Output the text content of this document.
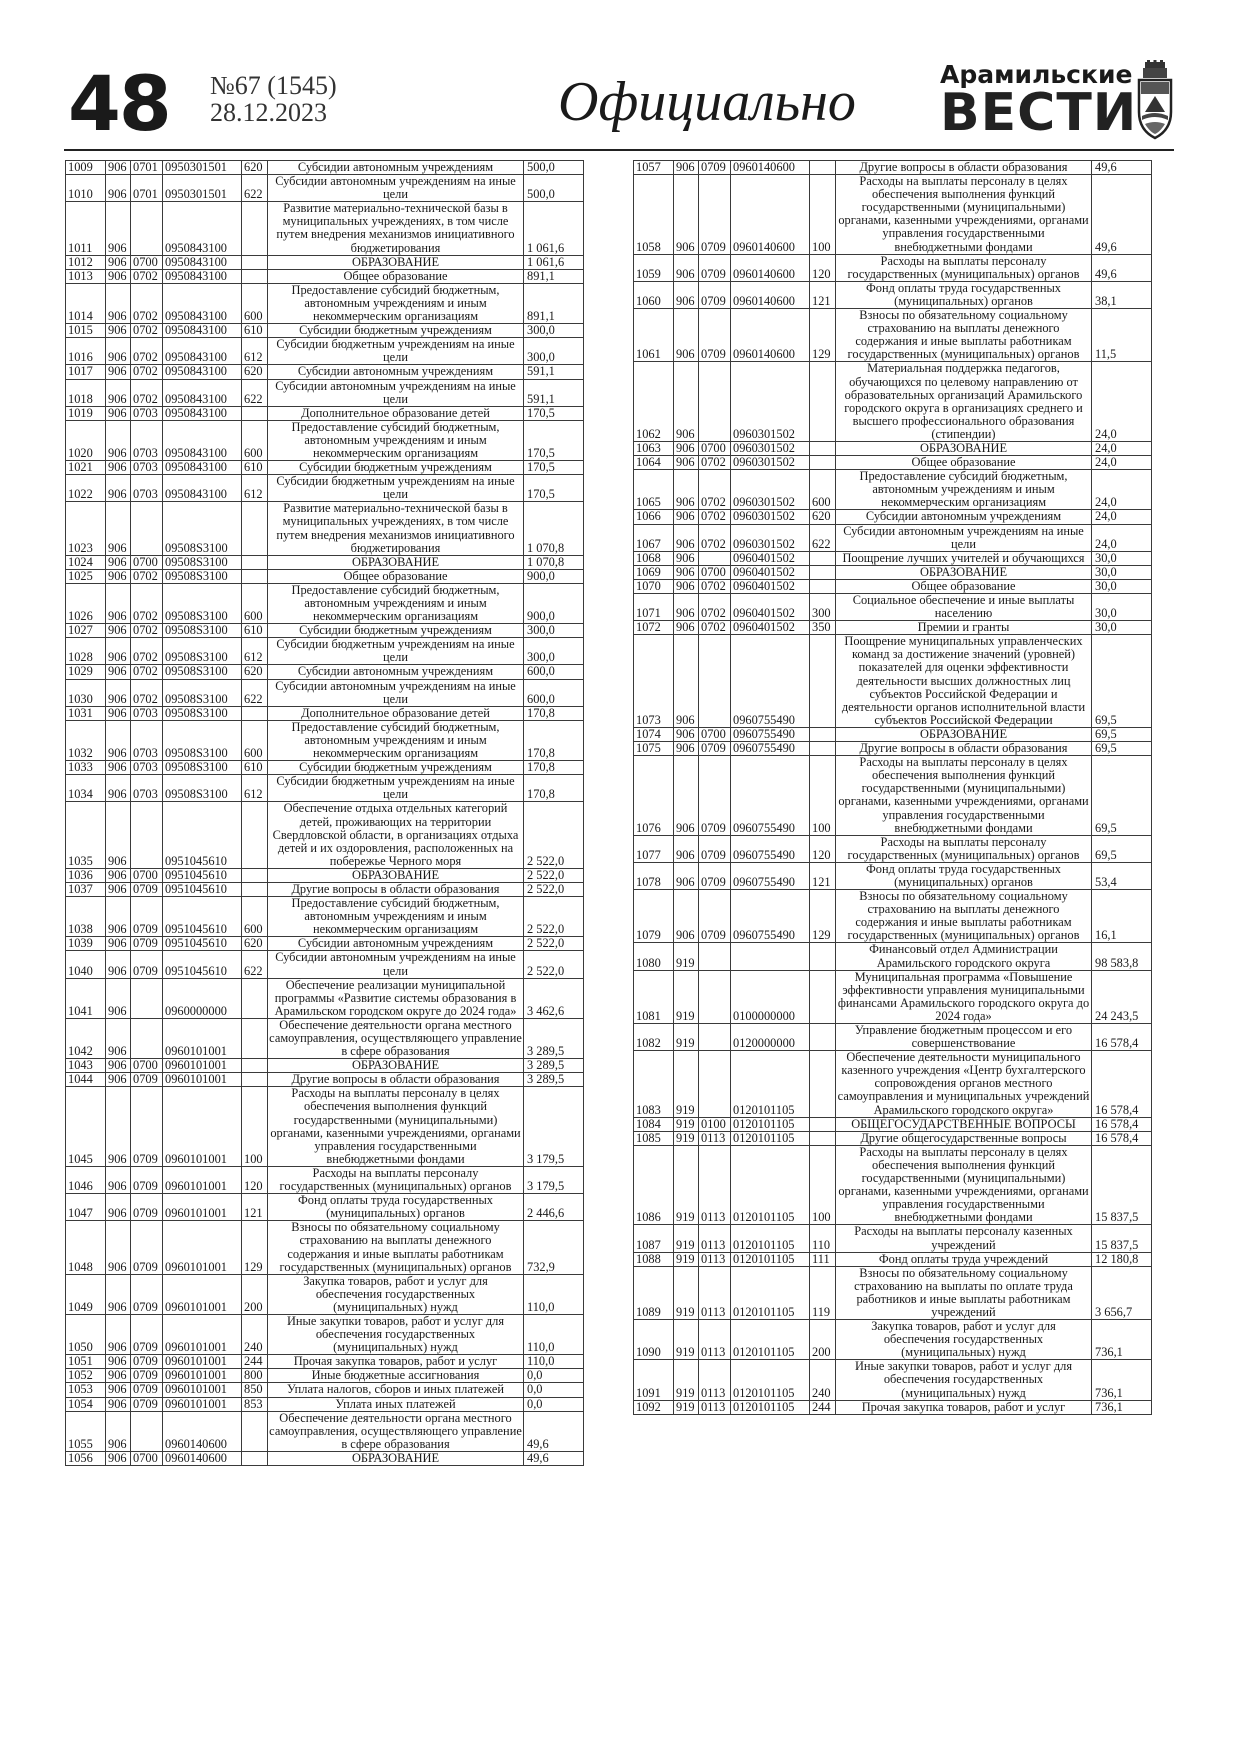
48 №67 (1545)
28.12.2023	Официально	Арамильские
ВЕСТИ
1009	906	0701	0950301501	620	Субсидии автономным учреждениям	500,0
1010	906	0701	0950301501	622	Субсидии автономным учреждениям на иные цели	500,0
1011	906		0950843100		Развитие материально-технической базы в муниципальных учреждениях, в том числе путем внедрения механизмов инициативного бюджетирования	1 061,6
1012	906	0700	0950843100		ОБРАЗОВАНИЕ	1 061,6
1013	906	0702	0950843100		Общее образование	891,1
1014	906	0702	0950843100	600	Предоставление субсидий бюджетным, автономным учреждениям и иным некоммерческим организациям	891,1
1015	906	0702	0950843100	610	Субсидии бюджетным учреждениям	300,0
1016	906	0702	0950843100	612	Субсидии бюджетным учреждениям на иные цели	300,0
1017	906	0702	0950843100	620	Субсидии автономным учреждениям	591,1
1018	906	0702	0950843100	622	Субсидии автономным учреждениям на иные цели	591,1
1019	906	0703	0950843100		Дополнительное образование детей	170,5
1020	906	0703	0950843100	600	Предоставление субсидий бюджетным, автономным учреждениям и иным некоммерческим организациям	170,5
1021	906	0703	0950843100	610	Субсидии бюджетным учреждениям	170,5
1022	906	0703	0950843100	612	Субсидии бюджетным учреждениям на иные цели	170,5
1023	906		09508S3100		Развитие материально-технической базы в муниципальных учреждениях, в том числе путем внедрения механизмов инициативного бюджетирования	1 070,8
1024	906	0700	09508S3100		ОБРАЗОВАНИЕ	1 070,8
1025	906	0702	09508S3100		Общее образование	900,0
1026	906	0702	09508S3100	600	Предоставление субсидий бюджетным, автономным учреждениям и иным некоммерческим организациям	900,0
1027	906	0702	09508S3100	610	Субсидии бюджетным учреждениям	300,0
1028	906	0702	09508S3100	612	Субсидии бюджетным учреждениям на иные цели	300,0
1029	906	0702	09508S3100	620	Субсидии автономным учреждениям	600,0
1030	906	0702	09508S3100	622	Субсидии автономным учреждениям на иные цели	600,0
1031	906	0703	09508S3100		Дополнительное образование детей	170,8
1032	906	0703	09508S3100	600	Предоставление субсидий бюджетным, автономным учреждениям и иным некоммерческим организациям	170,8
1033	906	0703	09508S3100	610	Субсидии бюджетным учреждениям	170,8
1034	906	0703	09508S3100	612	Субсидии бюджетным учреждениям на иные цели	170,8
1035	906		0951045610		Обеспечение отдыха отдельных категорий детей, проживающих на территории Свердловской области, в организациях отдыха детей и их оздоровления, расположенных на побережье Черного моря	2 522,0
1036	906	0700	0951045610		ОБРАЗОВАНИЕ	2 522,0
1037	906	0709	0951045610		Другие вопросы в области образования	2 522,0
1038	906	0709	0951045610	600	Предоставление субсидий бюджетным, автономным учреждениям и иным некоммерческим организациям	2 522,0
1039	906	0709	0951045610	620	Субсидии автономным учреждениям	2 522,0
1040	906	0709	0951045610	622	Субсидии автономным учреждениям на иные цели	2 522,0
1041	906		0960000000		Обеспечение реализации муниципальной программы «Развитие системы образования в Арамильском городском округе до 2024 года»	3 462,6
1042	906		0960101001		Обеспечение деятельности органа местного самоуправления, осуществляющего управление в сфере образования	3 289,5
1043	906	0700	0960101001		ОБРАЗОВАНИЕ	3 289,5
1044	906	0709	0960101001		Другие вопросы в области образования	3 289,5
1045	906	0709	0960101001	100	Расходы на выплаты персоналу в целях обеспечения выполнения функций государственными (муниципальными) органами, казенными учреждениями, органами управления государственными внебюджетными фондами	3 179,5
1046	906	0709	0960101001	120	Расходы на выплаты персоналу государственных (муниципальных) органов	3 179,5
1047	906	0709	0960101001	121	Фонд оплаты труда государственных (муниципальных) органов	2 446,6
1048	906	0709	0960101001	129	Взносы по обязательному социальному страхованию на выплаты денежного содержания и иные выплаты работникам государственных (муниципальных) органов	732,9
1049	906	0709	0960101001	200	Закупка товаров, работ и услуг для обеспечения государственных (муниципальных) нужд	110,0
1050	906	0709	0960101001	240	Иные закупки товаров, работ и услуг для обеспечения государственных (муниципальных) нужд	110,0
1051	906	0709	0960101001	244	Прочая закупка товаров, работ и услуг	110,0
1052	906	0709	0960101001	800	Иные бюджетные ассигнования	0,0
1053	906	0709	0960101001	850	Уплата налогов, сборов и иных платежей	0,0
1054	906	0709	0960101001	853	Уплата иных платежей	0,0
1055	906		0960140600		Обеспечение деятельности органа местного самоуправления, осуществляющего управление в сфере образования	49,6
1056	906	0700	0960140600		ОБРАЗОВАНИЕ	49,6
1057	906	0709	0960140600		Другие вопросы в области образования	49,6
1058	906	0709	0960140600	100	Расходы на выплаты персоналу в целях обеспечения выполнения функций государственными (муниципальными) органами, казенными учреждениями, органами управления государственными внебюджетными фондами	49,6
1059	906	0709	0960140600	120	Расходы на выплаты персоналу государственных (муниципальных) органов	49,6
1060	906	0709	0960140600	121	Фонд оплаты труда государственных (муниципальных) органов	38,1
1061	906	0709	0960140600	129	Взносы по обязательному социальному страхованию на выплаты денежного содержания и иные выплаты работникам государственных (муниципальных) органов	11,5
1062	906		0960301502		Материальная поддержка педагогов, обучающихся по целевому направлению от образовательных организаций Арамильского городского округа в организациях среднего и высшего профессионального образования (стипендии)	24,0
1063	906	0700	0960301502		ОБРАЗОВАНИЕ	24,0
1064	906	0702	0960301502		Общее образование	24,0
1065	906	0702	0960301502	600	Предоставление субсидий бюджетным, автономным учреждениям и иным некоммерческим организациям	24,0
1066	906	0702	0960301502	620	Субсидии автономным учреждениям	24,0
1067	906	0702	0960301502	622	Субсидии автономным учреждениям на иные цели	24,0
1068	906		0960401502		Поощрение лучших учителей и обучающихся	30,0
1069	906	0700	0960401502		ОБРАЗОВАНИЕ	30,0
1070	906	0702	0960401502		Общее образование	30,0
1071	906	0702	0960401502	300	Социальное обеспечение и иные выплаты населению	30,0
1072	906	0702	0960401502	350	Премии и гранты	30,0
1073	906		0960755490		Поощрение муниципальных управленческих команд за достижение значений (уровней) показателей для оценки эффективности деятельности высших должностных лиц субъектов Российской Федерации и деятельности органов исполнительной власти субъектов Российской Федерации	69,5
1074	906	0700	0960755490		ОБРАЗОВАНИЕ	69,5
1075	906	0709	0960755490		Другие вопросы в области образования	69,5
1076	906	0709	0960755490	100	Расходы на выплаты персоналу в целях обеспечения выполнения функций государственными (муниципальными) органами, казенными учреждениями, органами управления государственными внебюджетными фондами	69,5
1077	906	0709	0960755490	120	Расходы на выплаты персоналу государственных (муниципальных) органов	69,5
1078	906	0709	0960755490	121	Фонд оплаты труда государственных (муниципальных) органов	53,4
1079	906	0709	0960755490	129	Взносы по обязательному социальному страхованию на выплаты денежного содержания и иные выплаты работникам государственных (муниципальных) органов	16,1
1080	919				Финансовый отдел Администрации Арамильского городского округа	98 583,8
1081	919		0100000000		Муниципальная программа «Повышение эффективности управления муниципальными финансами Арамильского городского округа до 2024 года»	24 243,5
1082	919		0120000000		Управление бюджетным процессом и его совершенствование	16 578,4
1083	919		0120101105		Обеспечение деятельности муниципального казенного учреждения «Центр бухгалтерского сопровождения органов местного самоуправления и муниципальных учреждений Арамильского городского округа»	16 578,4
1084	919	0100	0120101105		ОБЩЕГОСУДАРСТВЕННЫЕ ВОПРОСЫ	16 578,4
1085	919	0113	0120101105		Другие общегосударственные вопросы	16 578,4
1086	919	0113	0120101105	100	Расходы на выплаты персоналу в целях обеспечения выполнения функций государственными (муниципальными) органами, казенными учреждениями, органами управления государственными внебюджетными фондами	15 837,5
1087	919	0113	0120101105	110	Расходы на выплаты персоналу казенных учреждений	15 837,5
1088	919	0113	0120101105	111	Фонд оплаты труда учреждений	12 180,8
1089	919	0113	0120101105	119	Взносы по обязательному социальному страхованию на выплаты по оплате труда работников и иные выплаты работникам учреждений	3 656,7
1090	919	0113	0120101105	200	Закупка товаров, работ и услуг для обеспечения государственных (муниципальных) нужд	736,1
1091	919	0113	0120101105	240	Иные закупки товаров, работ и услуг для обеспечения государственных (муниципальных) нужд	736,1
1092	919	0113	0120101105	244	Прочая закупка товаров, работ и услуг	736,1
